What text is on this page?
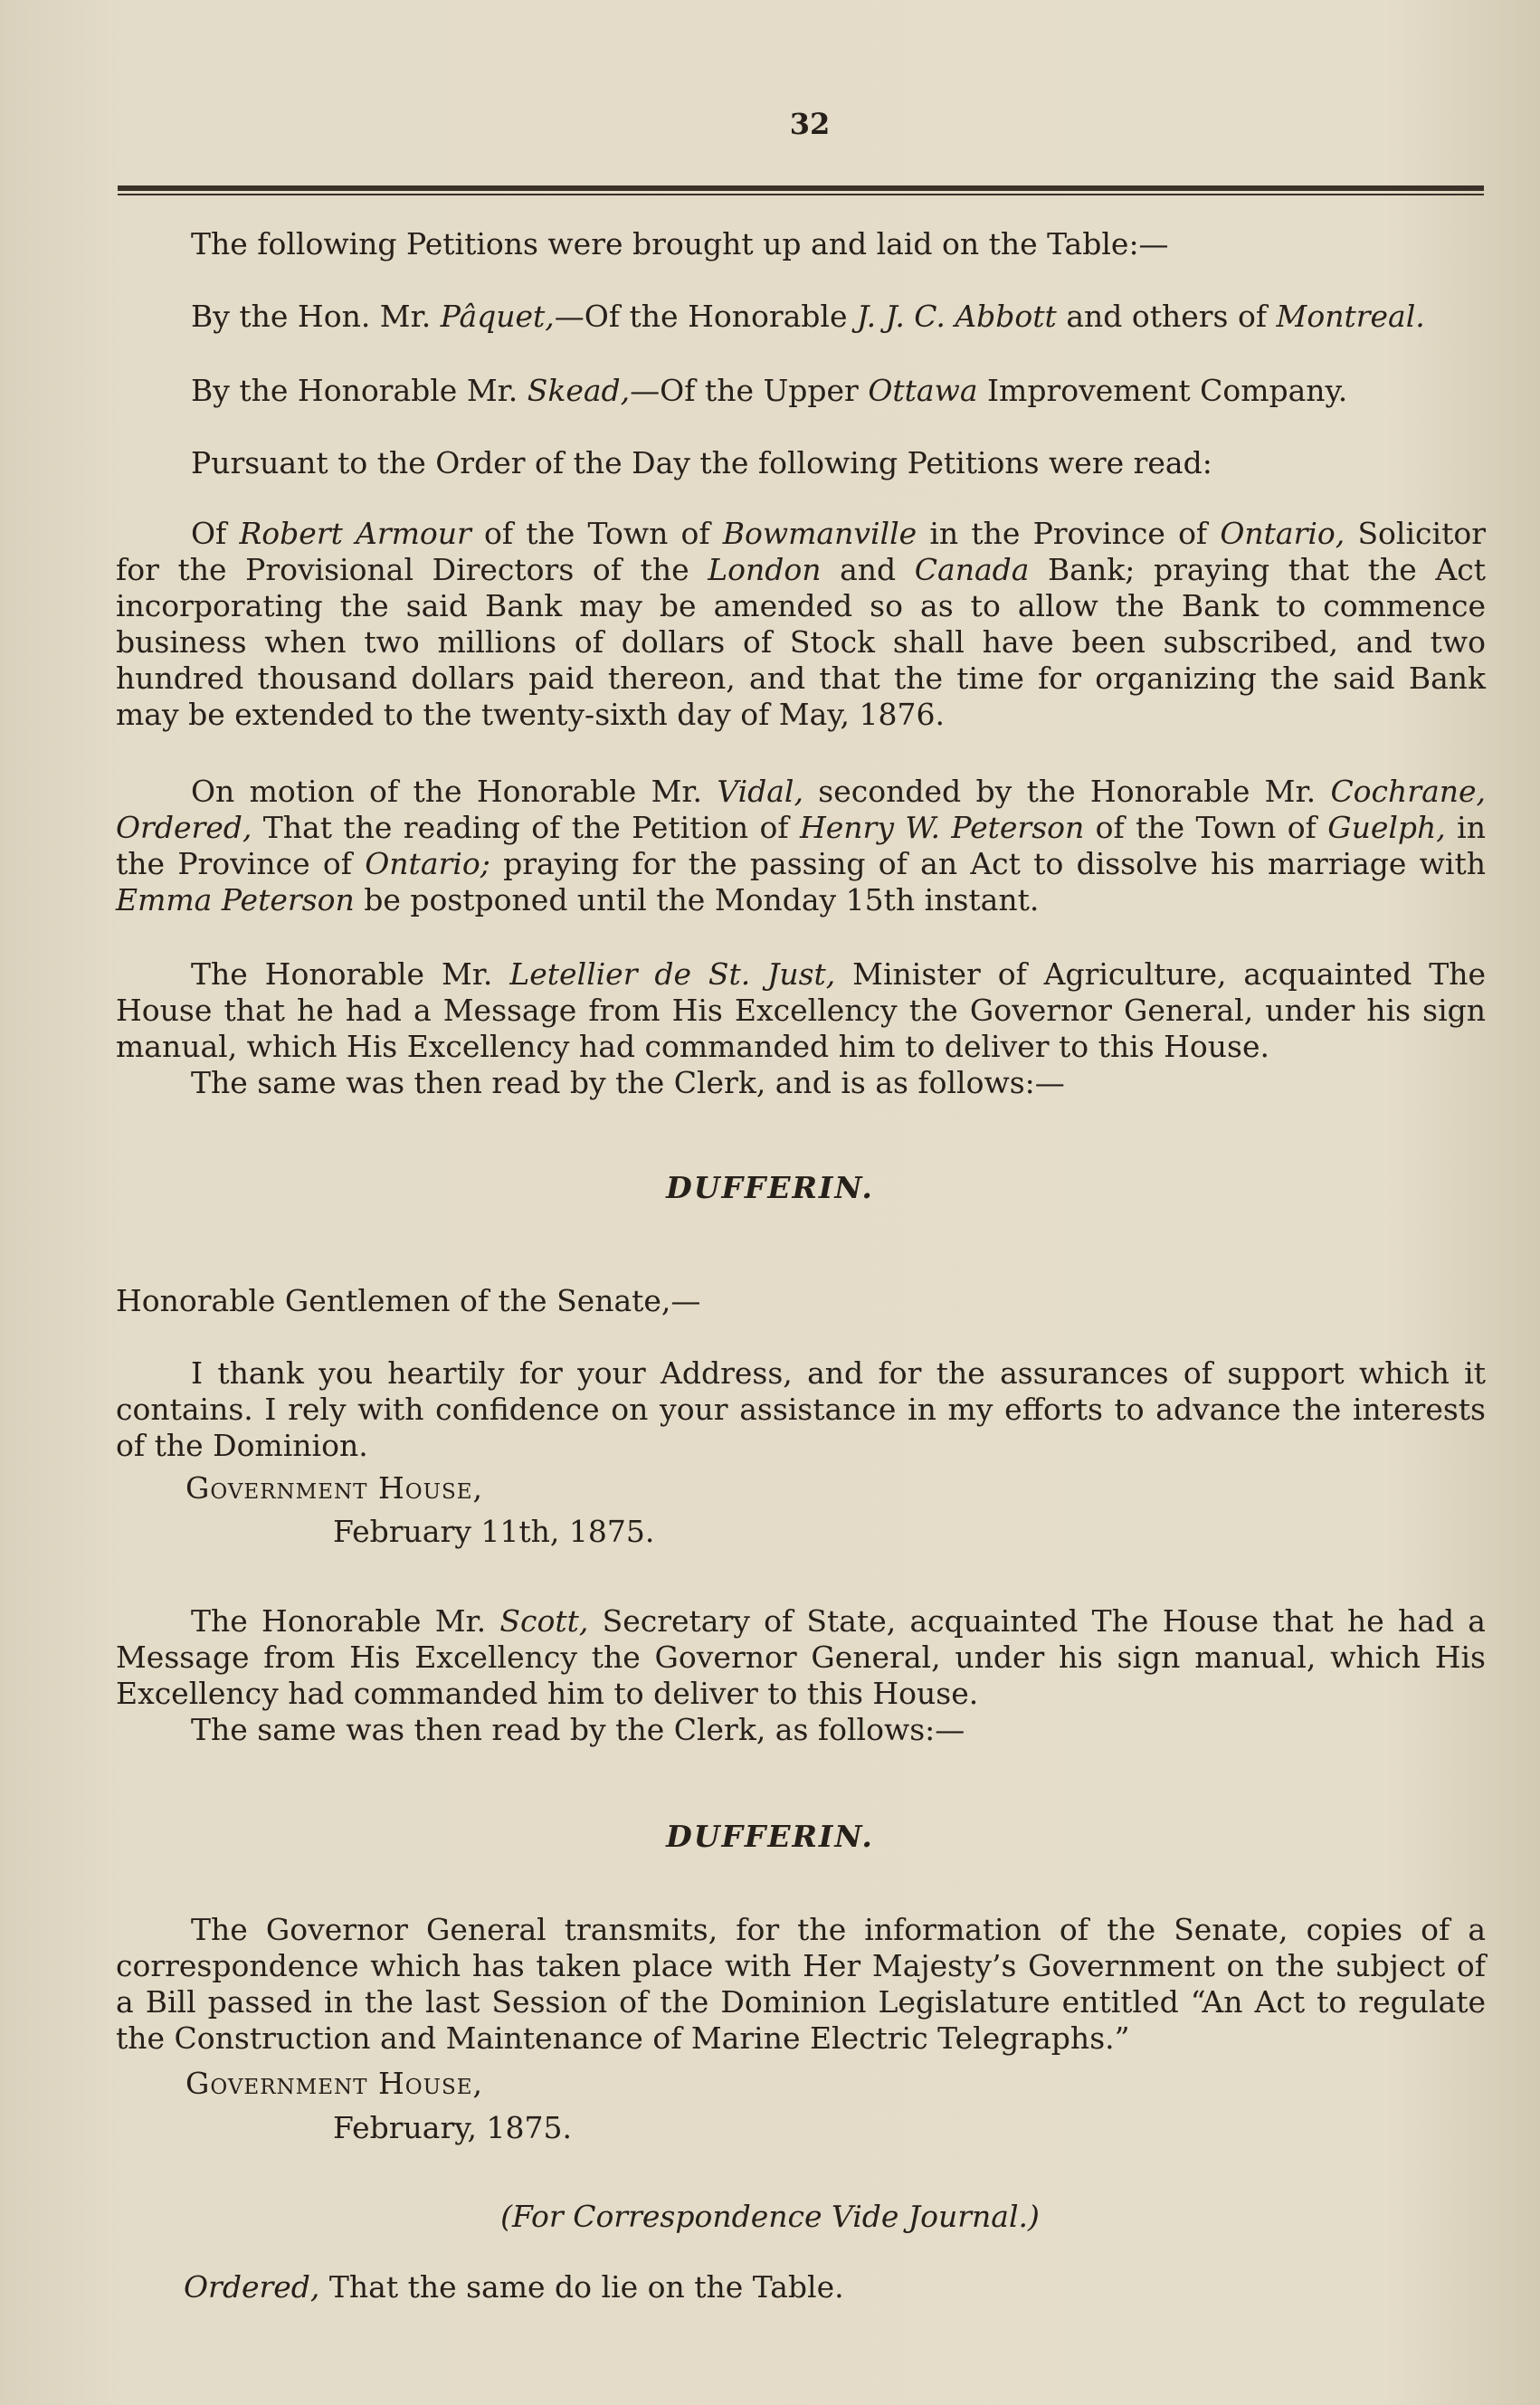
32

The following Petitions were brought up and laid on the Table:—

By the Hon. Mr. Pâquet,—Of the Honorable J. J. C. Abbott and others of Montreal.

By the Honorable Mr. Skead,—Of the Upper Ottawa Improvement Company.

Pursuant to the Order of the Day the following Petitions were read:

Of Robert Armour of the Town of Bowmanville in the Province of Ontario, Solicitor for the Provisional Directors of the London and Canada Bank; praying that the Act incorporating the said Bank may be amended so as to allow the Bank to commence business when two millions of dollars of Stock shall have been subscribed, and two hundred thousand dollars paid thereon, and that the time for organizing the said Bank may be extended to the twenty-sixth day of May, 1876.

On motion of the Honorable Mr. Vidal, seconded by the Honorable Mr. Cochrane, Ordered, That the reading of the Petition of Henry W. Peterson of the Town of Guelph, in the Province of Ontario; praying for the passing of an Act to dissolve his marriage with Emma Peterson be postponed until the Monday 15th instant.

The Honorable Mr. Letellier de St. Just, Minister of Agriculture, acquainted The House that he had a Message from His Excellency the Governor General, under his sign manual, which His Excellency had commanded him to deliver to this House.

The same was then read by the Clerk, and is as follows:—

DUFFERIN.

Honorable Gentlemen of the Senate,—

I thank you heartily for your Address, and for the assurances of support which it contains. I rely with confidence on your assistance in my efforts to advance the interests of the Dominion.

Government House,

February 11th, 1875.

The Honorable Mr. Scott, Secretary of State, acquainted The House that he had a Message from His Excellency the Governor General, under his sign manual, which His Excellency had commanded him to deliver to this House.

The same was then read by the Clerk, as follows:—

DUFFERIN.

The Governor General transmits, for the information of the Senate, copies of a correspondence which has taken place with Her Majesty’s Government on the subject of a Bill passed in the last Session of the Dominion Legislature entitled “An Act to regulate the Construction and Maintenance of Marine Electric Telegraphs.”

Government House,

February, 1875.

(For Correspondence Vide Journal.)

Ordered, That the same do lie on the Table.
